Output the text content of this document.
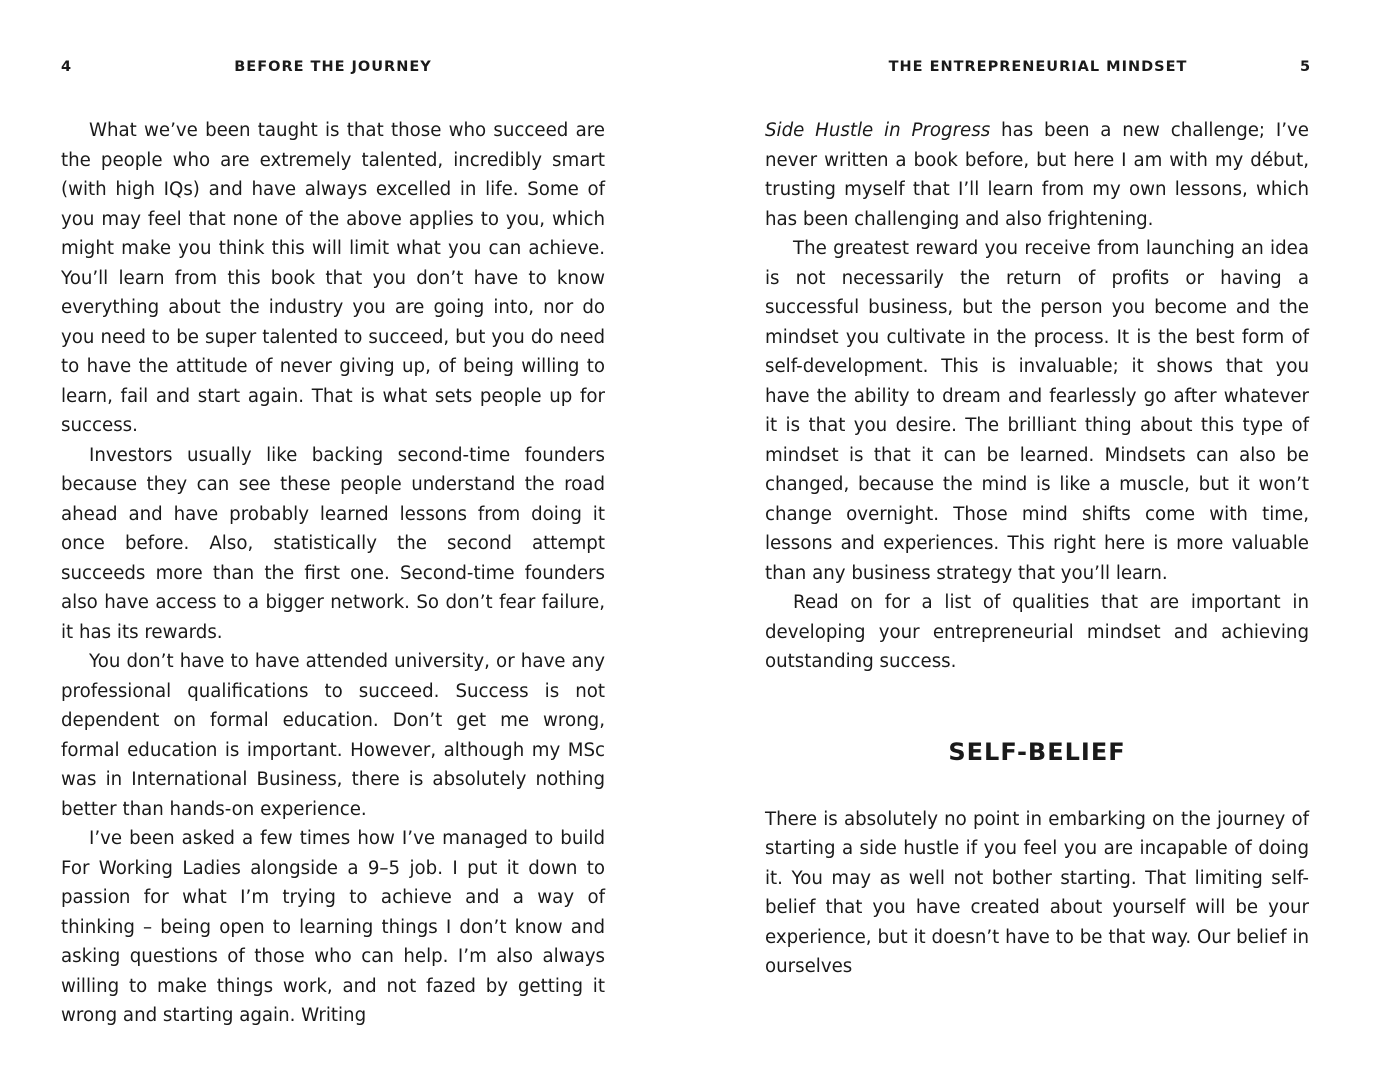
4	BEFORE THE JOURNEY

What we’ve been taught is that those who succeed are the people who are extremely talented, incredibly smart (with high IQs) and have always excelled in life. Some of you may feel that none of the above applies to you, which might make you think this will limit what you can achieve. You’ll learn from this book that you don’t have to know everything about the industry you are going into, nor do you need to be super talented to succeed, but you do need to have the attitude of never giving up, of being willing to learn, fail and start again. That is what sets people up for success.

Investors usually like backing second-time founders because they can see these people understand the road ahead and have probably learned lessons from doing it once before. Also, statistically the second attempt succeeds more than the first one. Second-time founders also have access to a bigger network. So don’t fear failure, it has its rewards.

You don’t have to have attended university, or have any professional qualifications to succeed. Success is not dependent on formal education. Don’t get me wrong, formal education is important. However, although my MSc was in International Business, there is absolutely nothing better than hands-on experience.

I’ve been asked a few times how I’ve managed to build For Working Ladies alongside a 9–5 job. I put it down to passion for what I’m trying to achieve and a way of thinking – being open to learning things I don’t know and asking questions of those who can help. I’m also always willing to make things work, and not fazed by getting it wrong and starting again. Writing

THE ENTREPRENEURIAL MINDSET	5

Side Hustle in Progress has been a new challenge; I’ve never written a book before, but here I am with my début, trusting myself that I’ll learn from my own lessons, which has been challenging and also frightening.

The greatest reward you receive from launching an idea is not necessarily the return of profits or having a successful business, but the person you become and the mindset you cultivate in the process. It is the best form of self-development. This is invaluable; it shows that you have the ability to dream and fearlessly go after whatever it is that you desire. The brilliant thing about this type of mindset is that it can be learned. Mindsets can also be changed, because the mind is like a muscle, but it won’t change overnight. Those mind shifts come with time, lessons and experiences. This right here is more valuable than any business strategy that you’ll learn.

Read on for a list of qualities that are important in developing your entrepreneurial mindset and achieving outstanding success.

SELF-BELIEF

There is absolutely no point in embarking on the journey of starting a side hustle if you feel you are incapable of doing it. You may as well not bother starting. That limiting self-belief that you have created about yourself will be your experience, but it doesn’t have to be that way. Our belief in ourselves
